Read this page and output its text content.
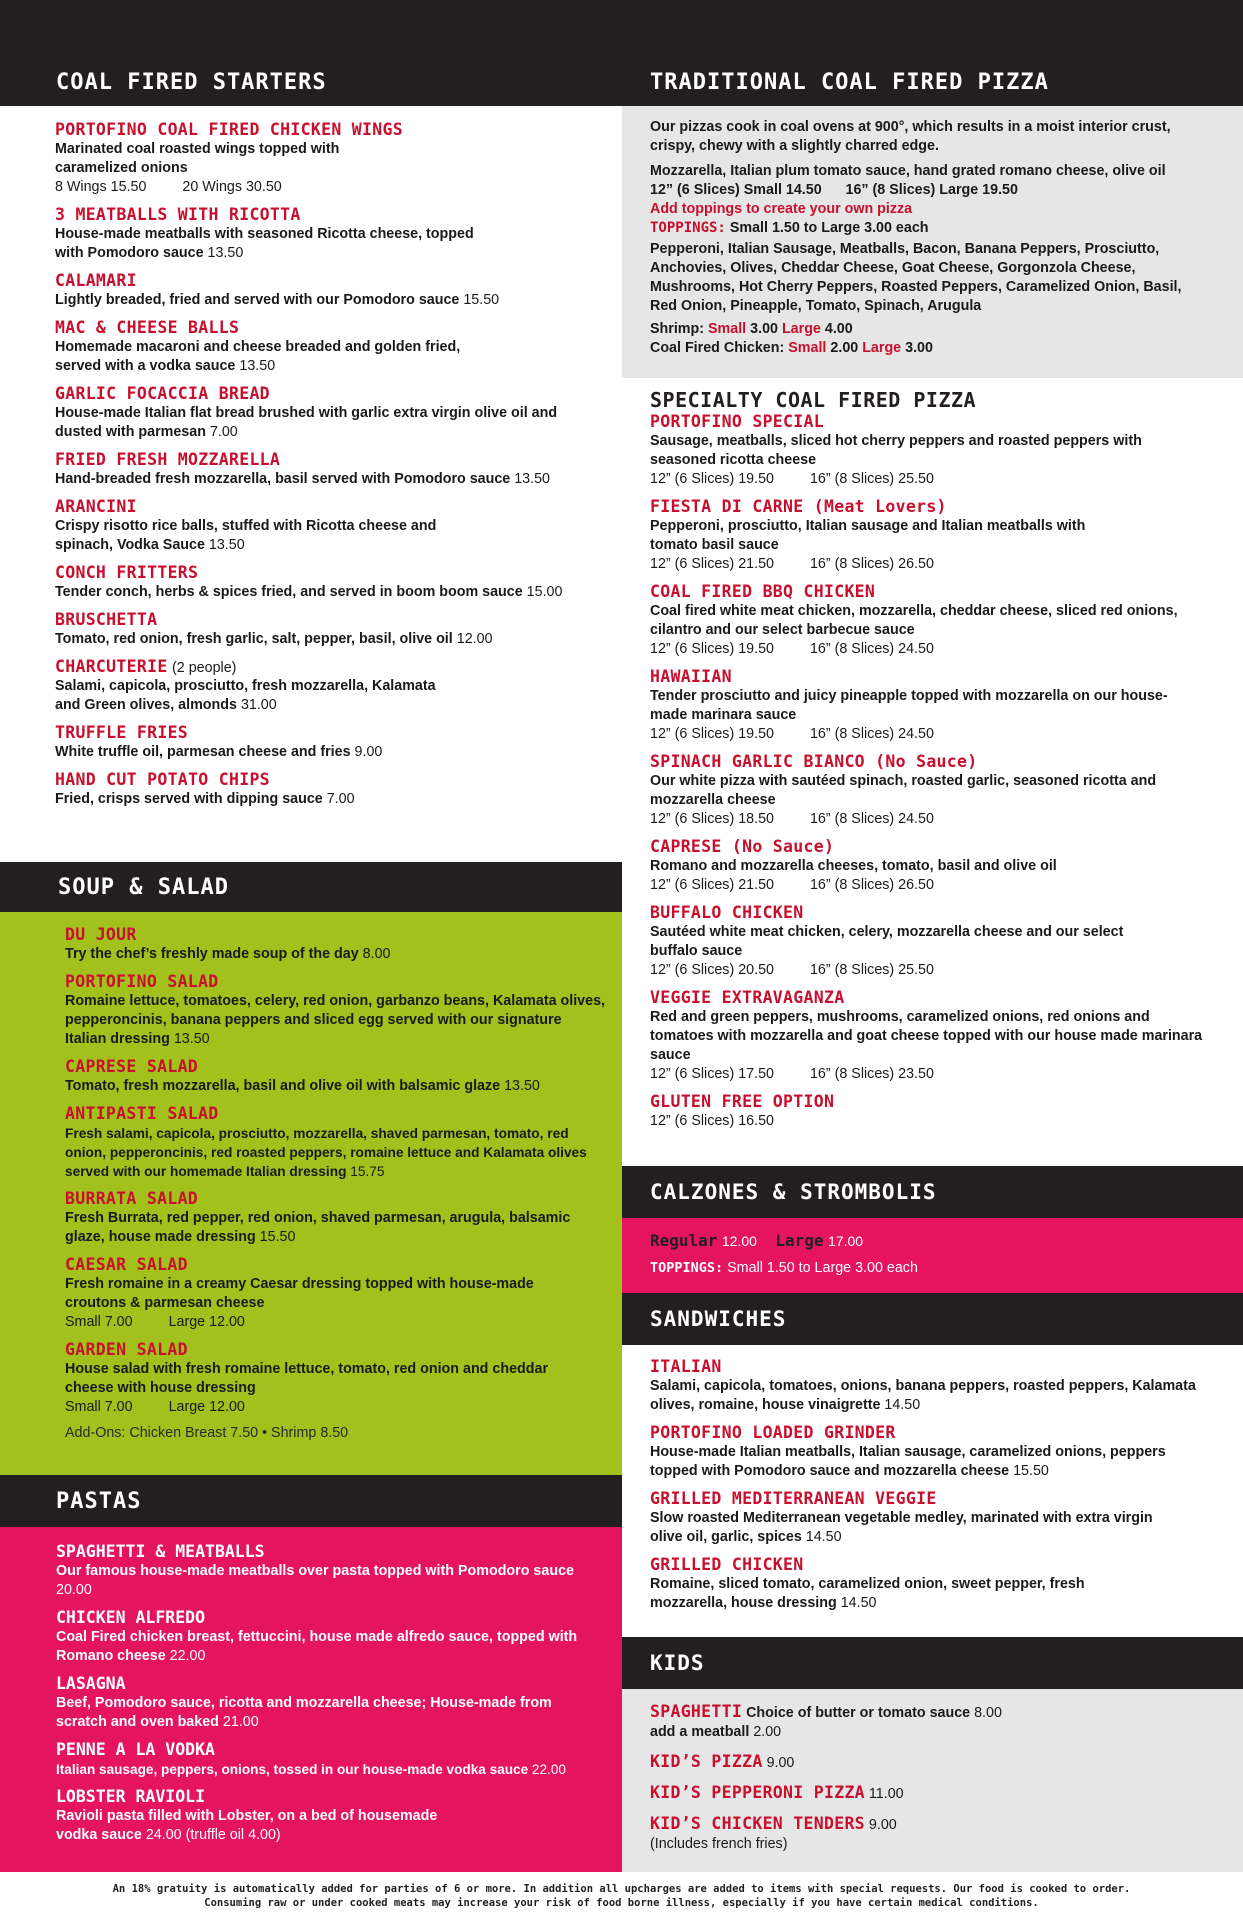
COAL FIRED STARTERS	TRADITIONAL COAL FIRED PIZZA
PORTOFINO COAL FIRED CHICKEN WINGS
Marinated coal roasted wings topped with caramelized onions
8 Wings 15.50	20 Wings 30.50
3 MEATBALLS WITH RICOTTA
House-made meatballs with seasoned Ricotta cheese, topped with Pomodoro sauce 13.50
CALAMARI
Lightly breaded, fried and served with our Pomodoro sauce 15.50
MAC & CHEESE BALLS
Homemade macaroni and cheese breaded and golden fried, served with a vodka sauce 13.50
GARLIC FOCACCIA BREAD
House-made Italian flat bread brushed with garlic extra virgin olive oil and dusted with parmesan 7.00
FRIED FRESH MOZZARELLA
Hand-breaded fresh mozzarella, basil served with Pomodoro sauce 13.50
ARANCINI
Crispy risotto rice balls, stuffed with Ricotta cheese and spinach, Vodka Sauce 13.50
CONCH FRITTERS
Tender conch, herbs & spices fried, and served in boom boom sauce 15.00
BRUSCHETTA
Tomato, red onion, fresh garlic, salt, pepper, basil, olive oil 12.00
CHARCUTERIE (2 people)
Salami, capicola, prosciutto, fresh mozzarella, Kalamata and Green olives, almonds 31.00
TRUFFLE FRIES
White truffle oil, parmesan cheese and fries 9.00
HAND CUT POTATO CHIPS
Fried, crisps served with dipping sauce 7.00
SOUP & SALAD
DU JOUR
Try the chef’s freshly made soup of the day 8.00
PORTOFINO SALAD
Romaine lettuce, tomatoes, celery, red onion, garbanzo beans, Kalamata olives, pepperoncinis, banana peppers and sliced egg served with our signature Italian dressing 13.50
CAPRESE SALAD
Tomato, fresh mozzarella, basil and olive oil with balsamic glaze 13.50
ANTIPASTI SALAD
Fresh salami, capicola, prosciutto, mozzarella, shaved parmesan, tomato, red onion, pepperoncinis, red roasted peppers, romaine lettuce and Kalamata olives served with our homemade Italian dressing 15.75
BURRATA SALAD
Fresh Burrata, red pepper, red onion, shaved parmesan, arugula, balsamic glaze, house made dressing 15.50
CAESAR SALAD
Fresh romaine in a creamy Caesar dressing topped with house-made croutons & parmesan cheese
Small 7.00	Large 12.00
GARDEN SALAD
House salad with fresh romaine lettuce, tomato, red onion and cheddar cheese with house dressing
Small 7.00	Large 12.00
Add-Ons: Chicken Breast 7.50 • Shrimp 8.50
PASTAS
SPAGHETTI & MEATBALLS
Our famous house-made meatballs over pasta topped with Pomodoro sauce 20.00
CHICKEN ALFREDO
Coal Fired chicken breast, fettuccini, house made alfredo sauce, topped with Romano cheese 22.00
LASAGNA
Beef, Pomodoro sauce, ricotta and mozzarella cheese; House-made from scratch and oven baked 21.00
PENNE A LA VODKA
Italian sausage, peppers, onions, tossed in our house-made vodka sauce 22.00
LOBSTER RAVIOLI
Ravioli pasta filled with Lobster, on a bed of housemade vodka sauce 24.00 (truffle oil 4.00)
Our pizzas cook in coal ovens at 900°, which results in a moist interior crust, crispy, chewy with a slightly charred edge.
Mozzarella, Italian plum tomato sauce, hand grated romano cheese, olive oil
12” (6 Slices) Small 14.50      16” (8 Slices) Large 19.50
Add toppings to create your own pizza
TOPPINGS: Small 1.50 to Large 3.00 each
Pepperoni, Italian Sausage, Meatballs, Bacon, Banana Peppers, Prosciutto, Anchovies, Olives, Cheddar Cheese, Goat Cheese, Gorgonzola Cheese, Mushrooms, Hot Cherry Peppers, Roasted Peppers, Caramelized Onion, Basil, Red Onion, Pineapple, Tomato, Spinach, Arugula
Shrimp: Small 3.00 Large 4.00
Coal Fired Chicken: Small 2.00 Large 3.00
SPECIALTY COAL FIRED PIZZA
PORTOFINO SPECIAL
Sausage, meatballs, sliced hot cherry peppers and roasted peppers with seasoned ricotta cheese
12” (6 Slices) 19.50	16” (8 Slices) 25.50
FIESTA DI CARNE (Meat Lovers)
Pepperoni, prosciutto, Italian sausage and Italian meatballs with tomato basil sauce
12” (6 Slices) 21.50	16” (8 Slices) 26.50
COAL FIRED BBQ CHICKEN
Coal fired white meat chicken, mozzarella, cheddar cheese, sliced red onions, cilantro and our select barbecue sauce
12” (6 Slices) 19.50	16” (8 Slices) 24.50
HAWAIIAN
Tender prosciutto and juicy pineapple topped with mozzarella on our house-made marinara sauce
12” (6 Slices) 19.50	16” (8 Slices) 24.50
SPINACH GARLIC BIANCO (No Sauce)
Our white pizza with sautéed spinach, roasted garlic, seasoned ricotta and mozzarella cheese
12” (6 Slices) 18.50	16” (8 Slices) 24.50
CAPRESE (No Sauce)
Romano and mozzarella cheeses, tomato, basil and olive oil
12” (6 Slices) 21.50	16” (8 Slices) 26.50
BUFFALO CHICKEN
Sautéed white meat chicken, celery, mozzarella cheese and our select buffalo sauce
12” (6 Slices) 20.50	16” (8 Slices) 25.50
VEGGIE EXTRAVAGANZA
Red and green peppers, mushrooms, caramelized onions, red onions and tomatoes with mozzarella and goat cheese topped with our house made marinara sauce
12” (6 Slices) 17.50	16” (8 Slices) 23.50
GLUTEN FREE OPTION
12” (6 Slices) 16.50
CALZONES & STROMBOLIS
Regular 12.00 Large 17.00
TOPPINGS: Small 1.50 to Large 3.00 each
SANDWICHES
ITALIAN
Salami, capicola, tomatoes, onions, banana peppers, roasted peppers, Kalamata olives, romaine, house vinaigrette 14.50
PORTOFINO LOADED GRINDER
House-made Italian meatballs, Italian sausage, caramelized onions, peppers topped with Pomodoro sauce and mozzarella cheese 15.50
GRILLED MEDITERRANEAN VEGGIE
Slow roasted Mediterranean vegetable medley, marinated with extra virgin olive oil, garlic, spices 14.50
GRILLED CHICKEN
Romaine, sliced tomato, caramelized onion, sweet pepper, fresh mozzarella, house dressing 14.50
KIDS
SPAGHETTI Choice of butter or tomato sauce 8.00
add a meatball 2.00
KID’S PIZZA 9.00
KID’S PEPPERONI PIZZA 11.00
KID’S CHICKEN TENDERS 9.00
(Includes french fries)
An 18% gratuity is automatically added for parties of 6 or more. In addition all upcharges are added to items with special requests. Our food is cooked to order.
Consuming raw or under cooked meats may increase your risk of food borne illness, especially if you have certain medical conditions.
